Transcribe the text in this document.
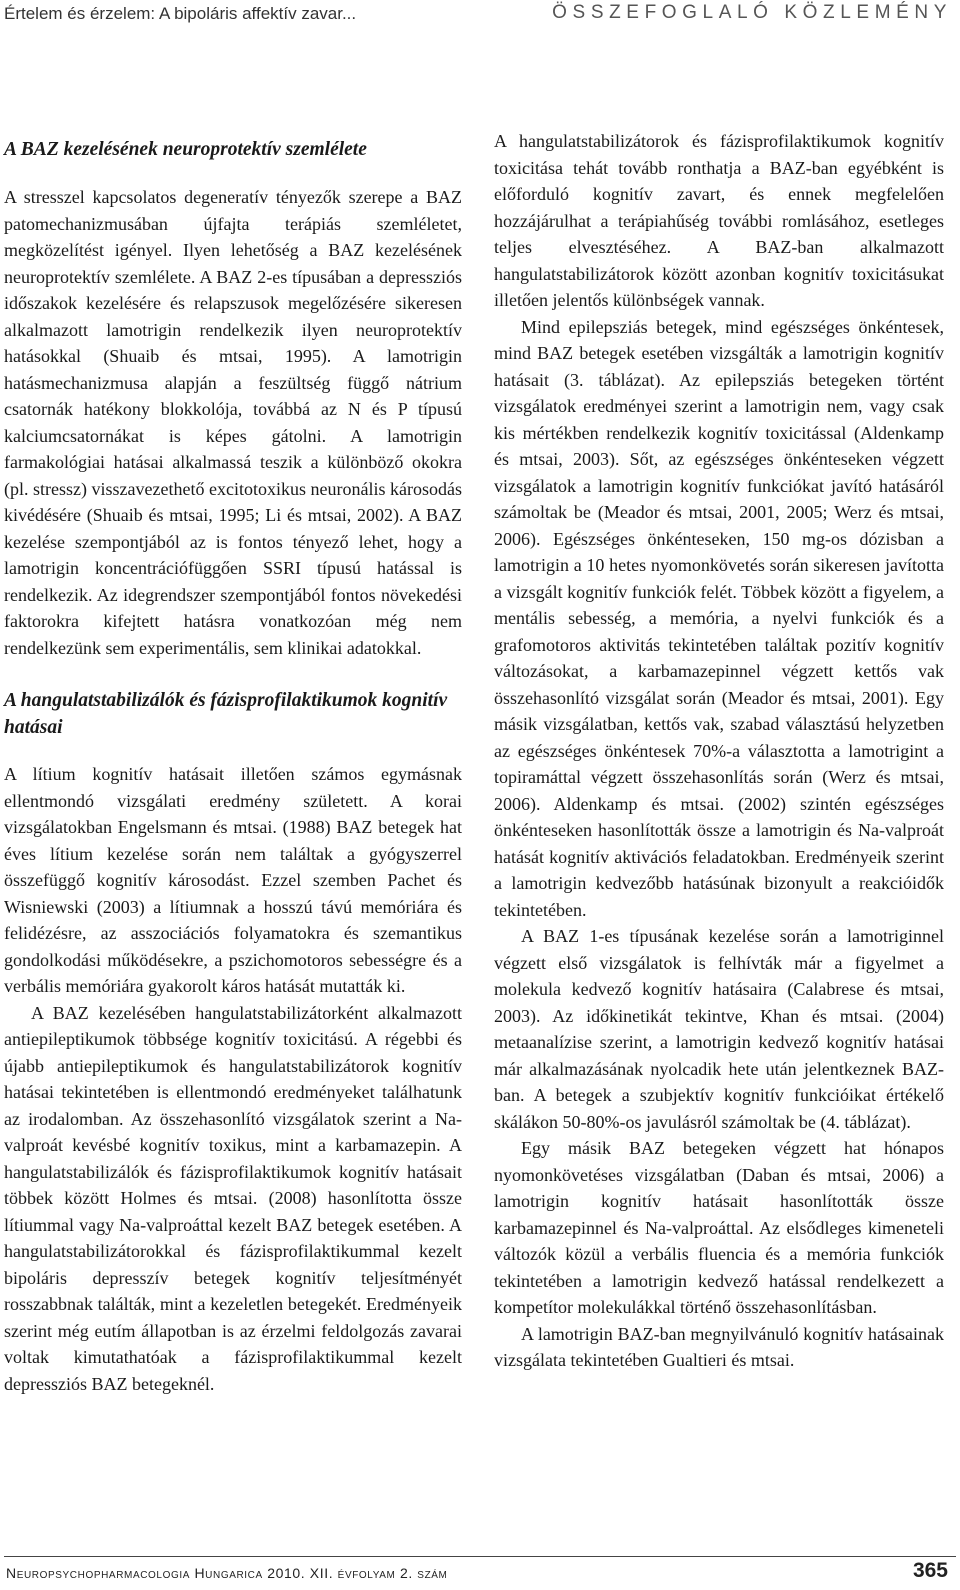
Értelem és érzelem: A bipoláris affektív zavar...	ÖSSZEFOGLALÓ KÖZLEMÉNY
A BAZ kezelésének neuroprotektív szemlélete

A stresszel kapcsolatos degeneratív tényezők szerepe a BAZ patomechanizmusában újfajta terápiás szemléletet, megközelítést igényel. Ilyen lehetőség a BAZ kezelésének neuroprotektív szemlélete. A BAZ 2-es típusában a depressziós időszakok kezelésére és relapszusok megelőzésére sikeresen alkalmazott lamotrigin rendelkezik ilyen neuroprotektív hatásokkal (Shuaib és mtsai, 1995). A lamotrigin hatásmechanizmusa alapján a feszültség függő nátrium csatornák hatékony blokkolója, továbbá az N és P típusú kalciumcsatornákat is képes gátolni. A lamotrigin farmakológiai hatásai alkalmassá teszik a különböző okokra (pl. stressz) visszavezethető excitotoxikus neuronális károsodás kivédésére (Shuaib és mtsai, 1995; Li és mtsai, 2002). A BAZ kezelése szempontjából az is fontos tényező lehet, hogy a lamotrigin koncentrációfüggően SSRI típusú hatással is rendelkezik. Az idegrendszer szempontjából fontos növekedési faktorokra kifejtett hatásra vonatkozóan még nem rendelkezünk sem experimentális, sem klinikai adatokkal.

A hangulatstabilizálók és fázisprofilaktikumok kognitív hatásai

A lítium kognitív hatásait illetően számos egymásnak ellentmondó vizsgálati eredmény született. A korai vizsgálatokban Engelsmann és mtsai. (1988) BAZ betegek hat éves lítium kezelése során nem találtak a gyógyszerrel összefüggő kognitív károsodást. Ezzel szemben Pachet és Wisniewski (2003) a lítiumnak a hosszú távú memóriára és felidézésre, az asszociációs folyamatokra és szemantikus gondolkodási működésekre, a pszichomotoros sebességre és a verbális memóriára gyakorolt káros hatását mutatták ki.

A BAZ kezelésében hangulatstabilizátorként alkalmazott antiepileptikumok többsége kognitív toxicitású. A régebbi és újabb antiepileptikumok és hangulatstabilizátorok kognitív hatásai tekintetében is ellentmondó eredményeket találhatunk az irodalomban. Az összehasonlító vizsgálatok szerint a Na-valproát kevésbé kognitív toxikus, mint a karbamazepin. A hangulatstabilizálók és fázisprofilaktikumok kognitív hatásait többek között Holmes és mtsai. (2008) hasonlította össze lítiummal vagy Na-valproáttal kezelt BAZ betegek esetében. A hangulatstabilizátorokkal és fázisprofilaktikummal kezelt bipoláris depresszív betegek kognitív teljesítményét rosszabbnak találták, mint a kezeletlen betegekét. Eredményeik szerint még eutím állapotban is az érzelmi feldolgozás zavarai voltak kimutathatóak a fázisprofilaktikummal kezelt depressziós BAZ betegeknél.

A hangulatstabilizátorok és fázisprofilaktikumok kognitív toxicitása tehát tovább ronthatja a BAZ-ban egyébként is előforduló kognitív zavart, és ennek megfelelően hozzájárulhat a terápiahűség további romlásához, esetleges teljes elvesztéséhez. A BAZ-ban alkalmazott hangulatstabilizátorok között azonban kognitív toxicitásukat illetően jelentős különbségek vannak.

Mind epilepsziás betegek, mind egészséges önkéntesek, mind BAZ betegek esetében vizsgálták a lamotrigin kognitív hatásait (3. táblázat). Az epilepsziás betegeken történt vizsgálatok eredményei szerint a lamotrigin nem, vagy csak kis mértékben rendelkezik kognitív toxicitással (Aldenkamp és mtsai, 2003). Sőt, az egészséges önkénteseken végzett vizsgálatok a lamotrigin kognitív funkciókat javító hatásáról számoltak be (Meador és mtsai, 2001, 2005; Werz és mtsai, 2006). Egészséges önkénteseken, 150 mg-os dózisban a lamotrigin a 10 hetes nyomonkövetés során sikeresen javította a vizsgált kognitív funkciók felét. Többek között a figyelem, a mentális sebesség, a memória, a nyelvi funkciók és a grafomotoros aktivitás tekintetében találtak pozitív kognitív változásokat, a karbamazepinnel végzett kettős vak összehasonlító vizsgálat során (Meador és mtsai, 2001). Egy másik vizsgálatban, kettős vak, szabad választású helyzetben az egészséges önkéntesek 70%-a választotta a lamotrigint a topiramáttal végzett összehasonlítás során (Werz és mtsai, 2006). Aldenkamp és mtsai. (2002) szintén egészséges önkénteseken hasonlították össze a lamotrigin és Na-valproát hatását kognitív aktivációs feladatokban. Eredményeik szerint a lamotrigin kedvezőbb hatásúnak bizonyult a reakcióidők tekintetében.

A BAZ 1-es típusának kezelése során a lamotriginnel végzett első vizsgálatok is felhívták már a figyelmet a molekula kedvező kognitív hatásaira (Calabrese és mtsai, 2003). Az időkinetikát tekintve, Khan és mtsai. (2004) metaanalízise szerint, a lamotrigin kedvező kognitív hatásai már alkalmazásának nyolcadik hete után jelentkeznek BAZ-ban. A betegek a szubjektív kognitív funkcióikat értékelő skálákon 50-80%-os javulásról számoltak be (4. táblázat).

Egy másik BAZ betegeken végzett hat hónapos nyomonkövetéses vizsgálatban (Daban és mtsai, 2006) a lamotrigin kognitív hatásait hasonlították össze karbamazepinnel és Na-valproáttal. Az elsődleges kimeneteli változók közül a verbális fluencia és a memória funkciók tekintetében a lamotrigin kedvező hatással rendelkezett a kompetítor molekulákkal történő összehasonlításban.

A lamotrigin BAZ-ban megnyilvánuló kognitív hatásainak vizsgálata tekintetében Gualtieri és mtsai.

Neuropsychopharmacologia Hungarica 2010. XII. évfolyam 2. szám	365
